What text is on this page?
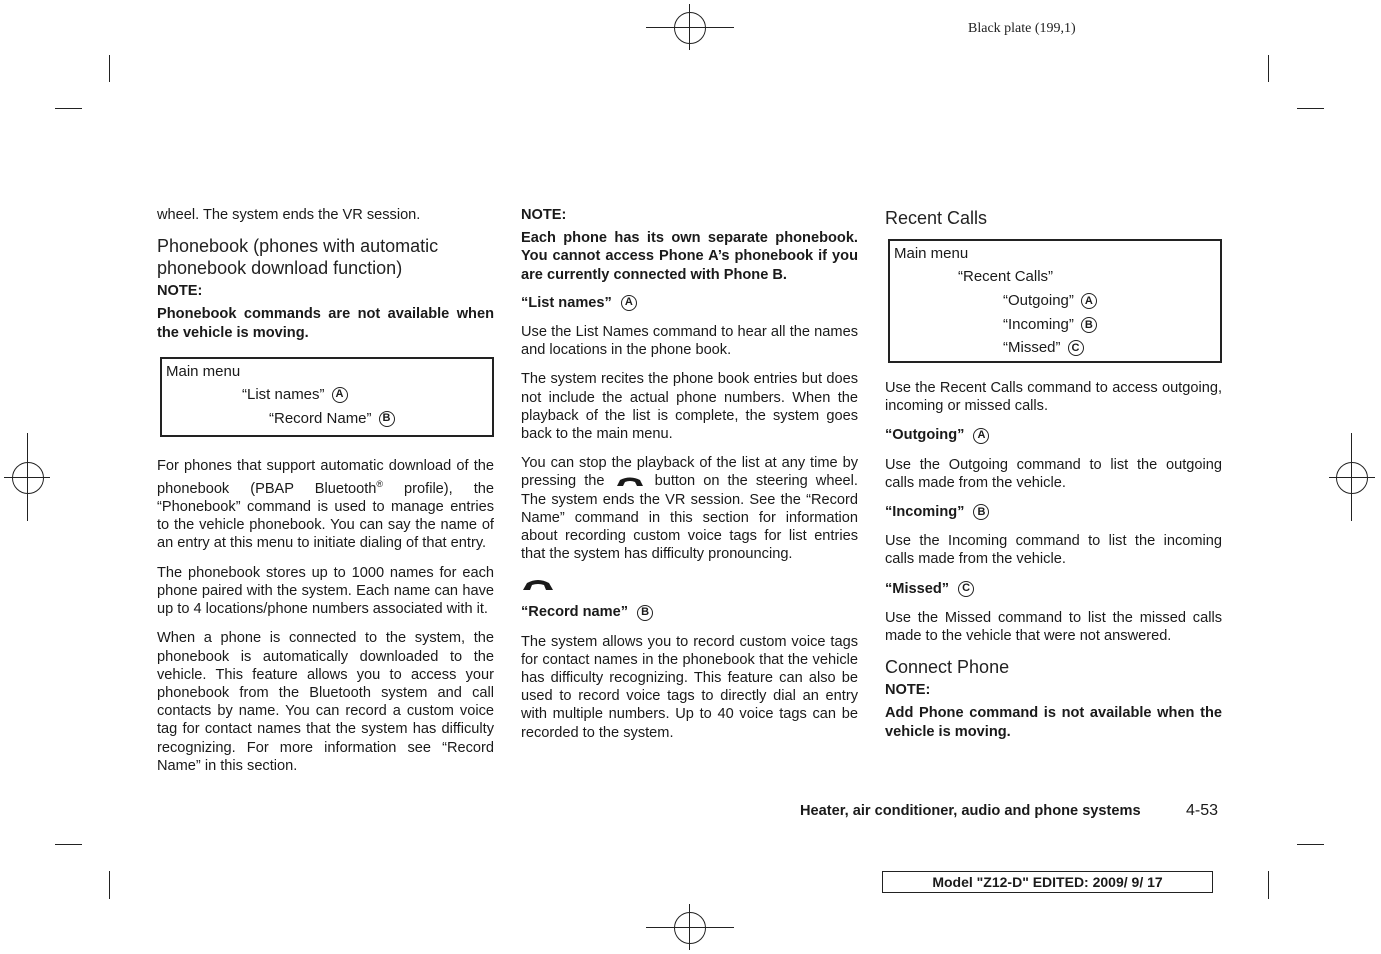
Black plate (199,1)

wheel. The system ends the VR session.

Phonebook (phones with automatic phonebook download function)
NOTE:

Phonebook commands are not available when the vehicle is moving.

Main menu
“List names”	A
“Record Name”	B

For phones that support automatic download of the phonebook (PBAP Bluetooth® profile), the “Phonebook” command is used to manage entries to the vehicle phonebook. You can say the name of an entry at this menu to initiate dialing of that entry.

The phonebook stores up to 1000 names for each phone paired with the system. Each name can have up to 4 locations/phone numbers associated with it.

When a phone is connected to the system, the phonebook is automatically downloaded to the vehicle. This feature allows you to access your phonebook from the Bluetooth system and call contacts by name. You can record a custom voice tag for contact names that the system has difficulty recognizing. For more information see “Record Name” in this section.

NOTE:

Each phone has its own separate phonebook. You cannot access Phone A’s phonebook if you are currently connected with Phone B.

“List names”	A

Use the List Names command to hear all the names and locations in the phone book.

The system recites the phone book entries but does not include the actual phone numbers. When the playback of the list is complete, the system goes back to the main menu.

You can stop the playback of the list at any time by pressing the	button on the steering wheel. The system ends the VR session. See the “Record Name” command in this section for information about recording custom voice tags for list entries that the system has difficulty pronouncing.

“Record name”	B

The system allows you to record custom voice tags for contact names in the phonebook that the vehicle has difficulty recognizing. This feature can also be used to record voice tags to directly dial an entry with multiple numbers. Up to 40 voice tags can be recorded to the system.

Recent Calls
Main menu
“Recent Calls”
“Outgoing”	A
“Incoming”	B
“Missed”	C

Use the Recent Calls command to access outgoing, incoming or missed calls.

“Outgoing”	A

Use the Outgoing command to list the outgoing calls made from the vehicle.

“Incoming”	B

Use the Incoming command to list the incoming calls made from the vehicle.

“Missed”	C

Use the Missed command to list the missed calls made to the vehicle that were not answered.

Connect Phone
NOTE:

Add Phone command is not available when the vehicle is moving.

Heater, air conditioner, audio and phone systems	4-53
Model "Z12-D" EDITED: 2009/ 9/ 17
